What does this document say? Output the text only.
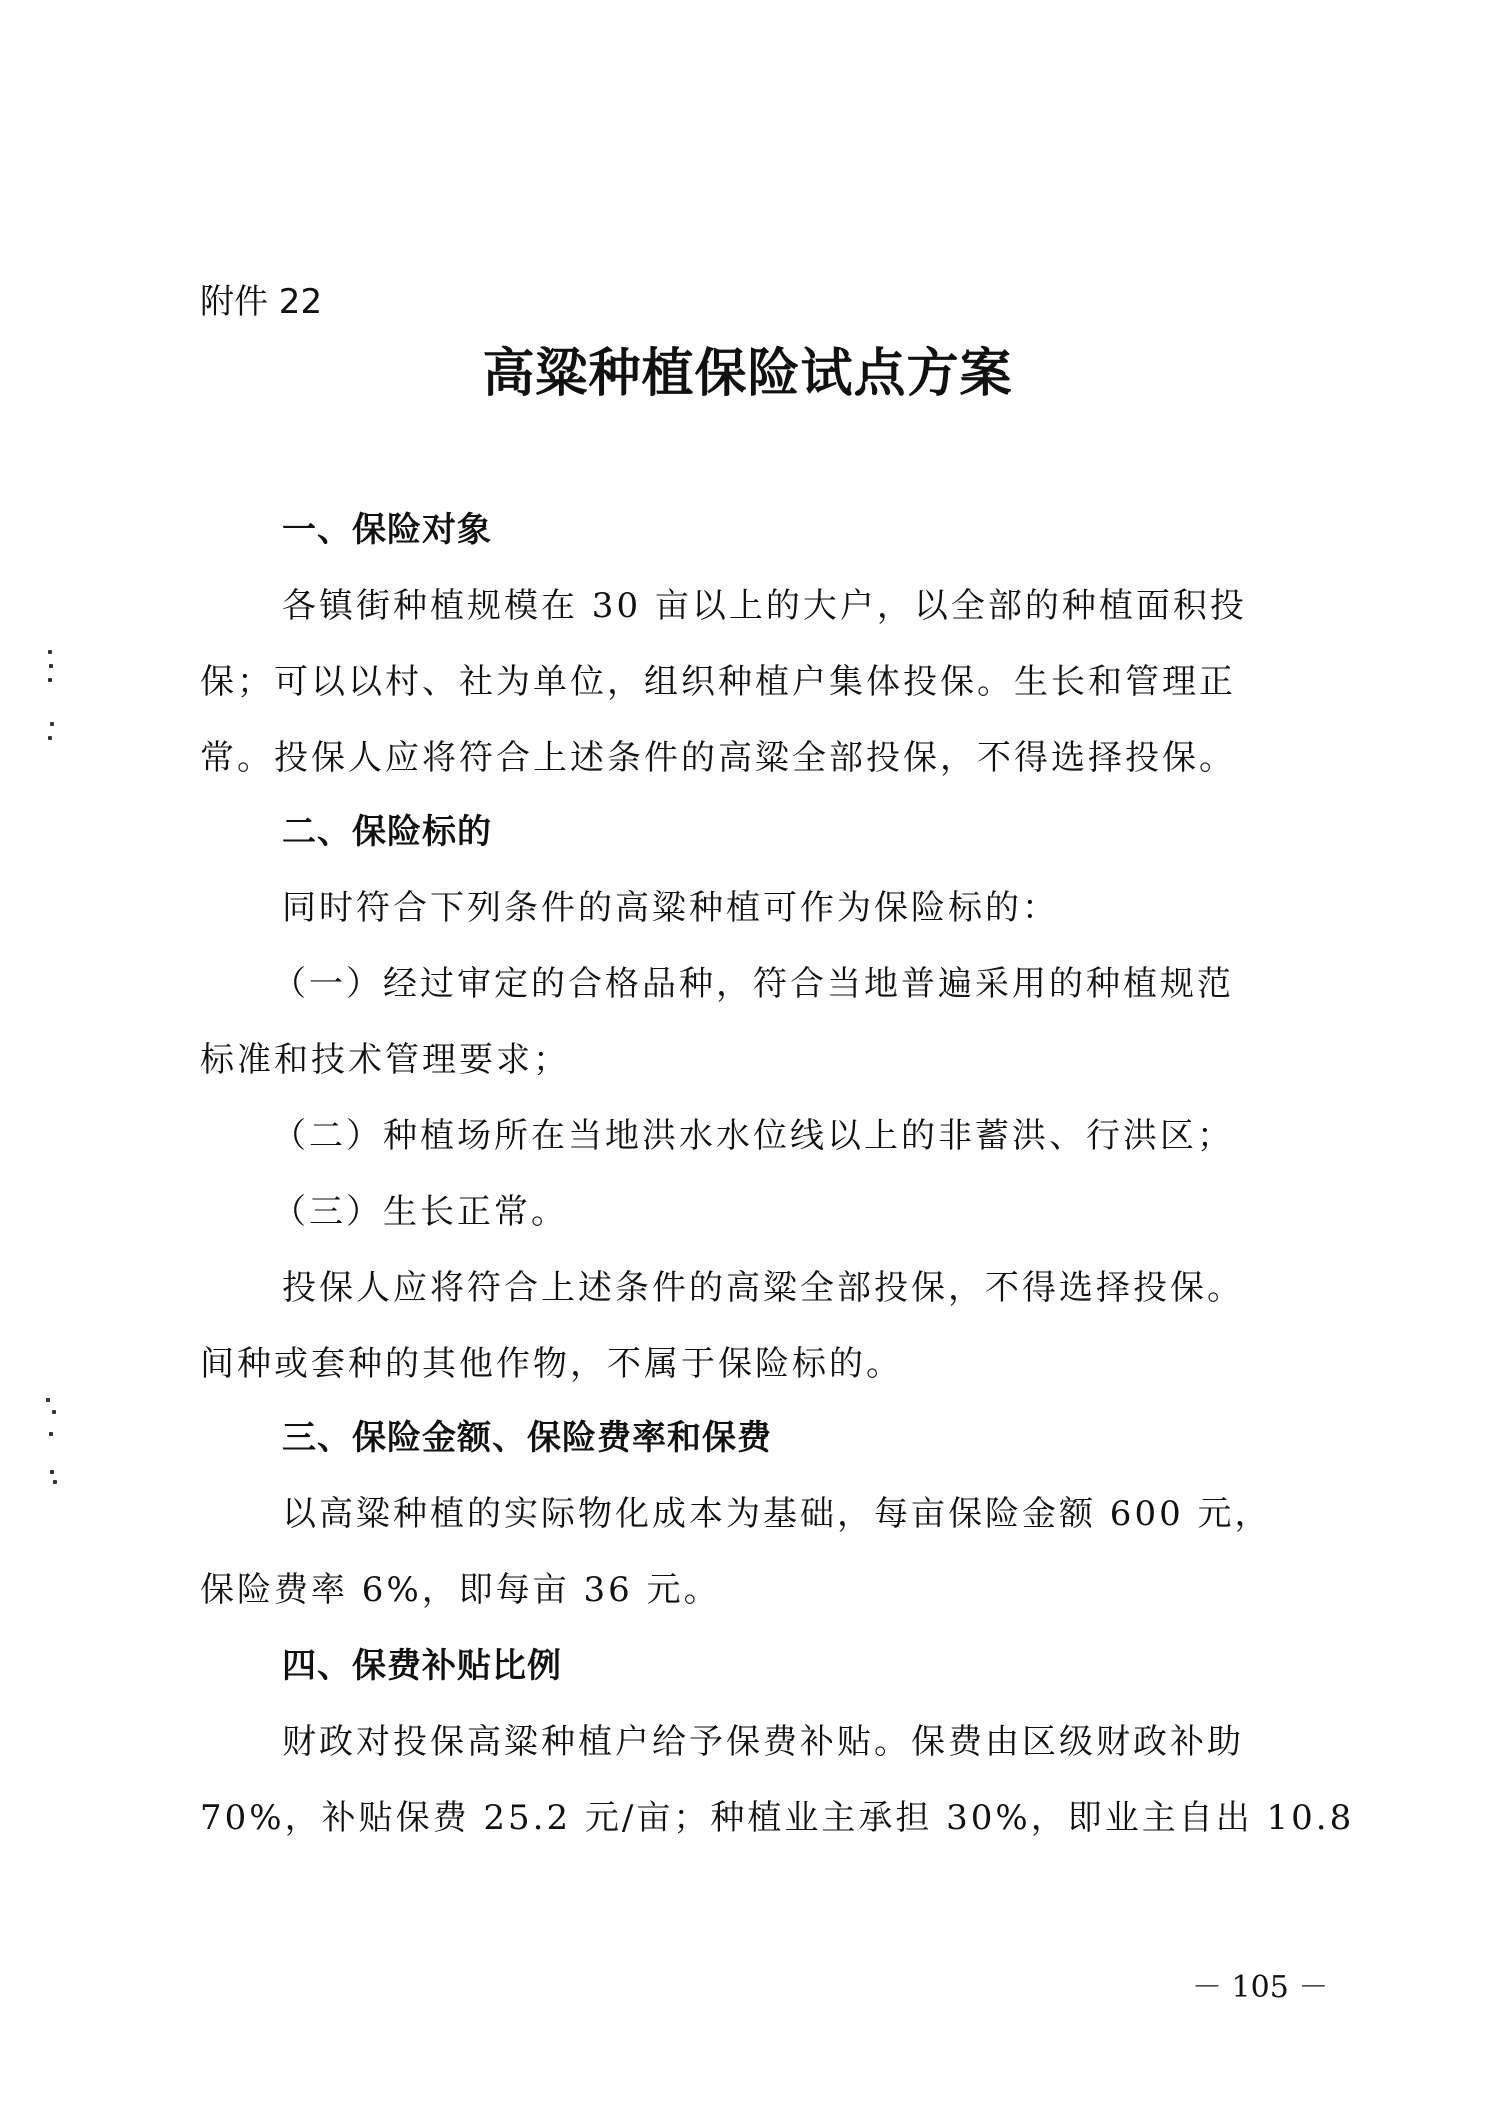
附件 22
高粱种植保险试点方案
一、保险对象
各镇街种植规模在 30 亩以上的大户，以全部的种植面积投
保；可以以村、社为单位，组织种植户集体投保。生长和管理正
常。投保人应将符合上述条件的高粱全部投保，不得选择投保。
二、保险标的
同时符合下列条件的高粱种植可作为保险标的：
（一）经过审定的合格品种，符合当地普遍采用的种植规范
标准和技术管理要求；
（二）种植场所在当地洪水水位线以上的非蓄洪、行洪区；
（三）生长正常。
投保人应将符合上述条件的高粱全部投保，不得选择投保。
间种或套种的其他作物，不属于保险标的。
三、保险金额、保险费率和保费
以高粱种植的实际物化成本为基础，每亩保险金额 600 元，
保险费率 6%，即每亩 36 元。
四、保费补贴比例
财政对投保高粱种植户给予保费补贴。保费由区级财政补助
70%，补贴保费 25.2 元/亩；种植业主承担 30%，即业主自出 10.8
－ 105 －
